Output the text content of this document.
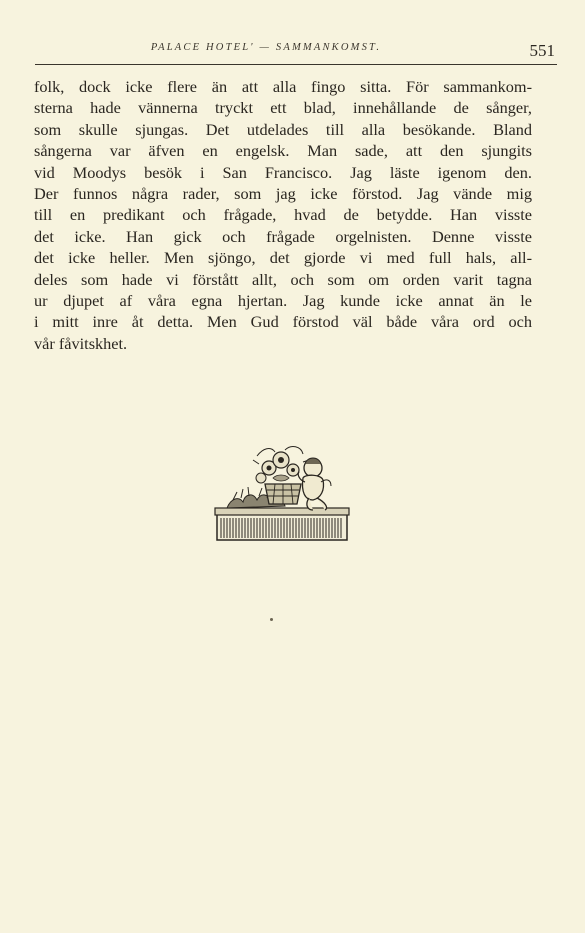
PALACE HOTEL' — SAMMANKOMST.	551

folk, dock icke flere än att alla fingo sitta. För sammankom-
sterna hade vännerna tryckt ett blad, innehållande de sånger,
som skulle sjungas. Det utdelades till alla besökande. Bland
sångerna var äfven en engelsk. Man sade, att den sjungits
vid Moodys besök i San Francisco. Jag läste igenom den.
Der funnos några rader, som jag icke förstod. Jag vände mig
till en predikant och frågade, hvad de betydde. Han visste
det icke. Han gick och frågade orgelnisten. Denne visste
det icke heller. Men sjöngo, det gjorde vi med full hals, all-
deles som hade vi förstått allt, och som om orden varit tagna
ur djupet af våra egna hjertan. Jag kunde icke annat än le
i mitt inre åt detta. Men Gud förstod väl både våra ord och
vår fåvitskhet.
